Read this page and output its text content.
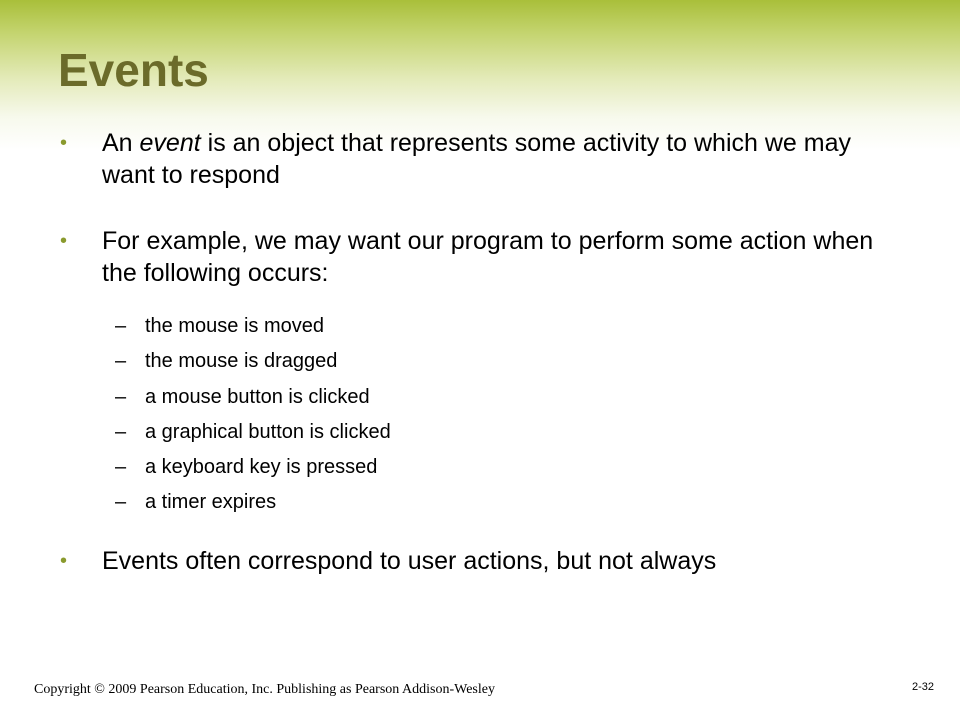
Events
• An event is an object that represents some activity to which we may want to respond
• For example, we may want our program to perform some action when the following occurs:
– the mouse is moved
– the mouse is dragged
– a mouse button is clicked
– a graphical button is clicked
– a keyboard key is pressed
– a timer expires
• Events often correspond to user actions, but not always
Copyright © 2009 Pearson Education, Inc. Publishing as Pearson Addison-Wesley	2-32
